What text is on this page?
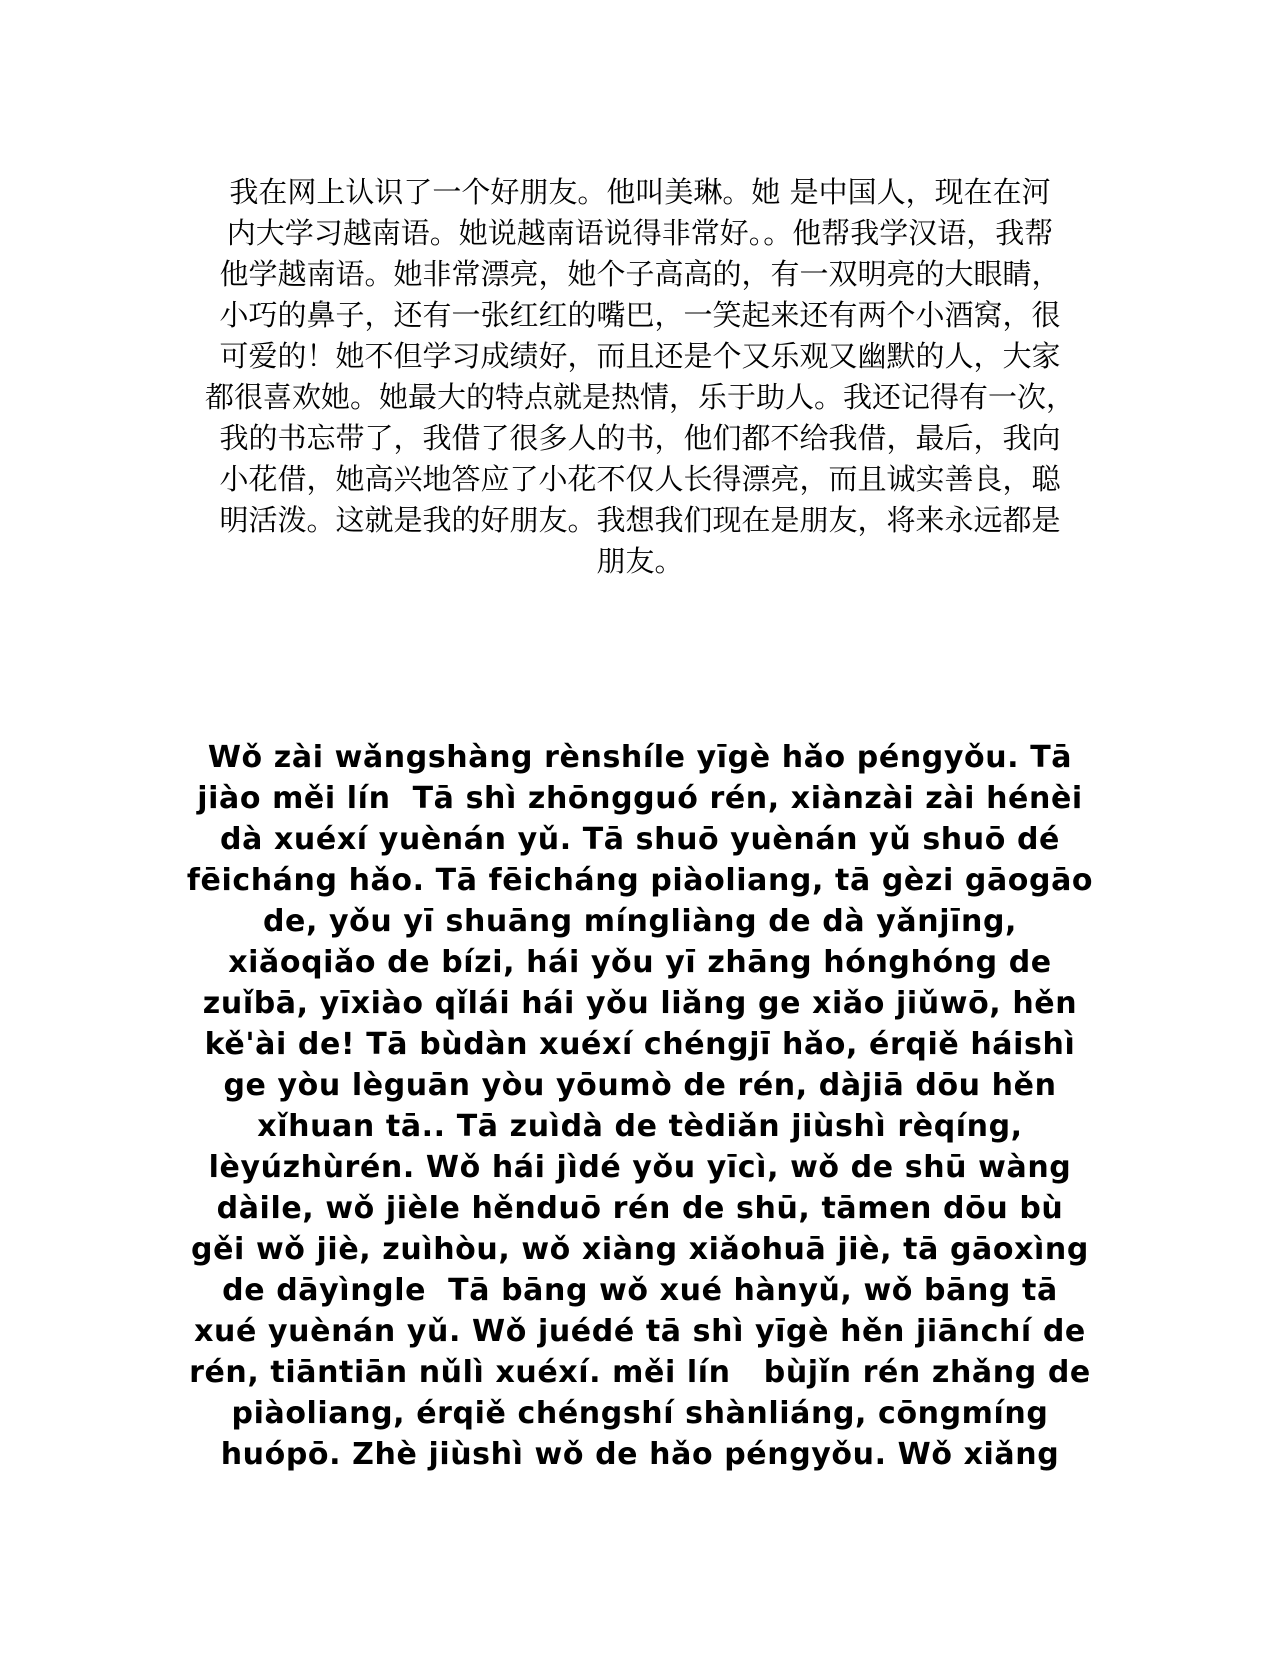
我在网上认识了一个好朋友。他叫美琳。她 是中国人，现在在河
内大学习越南语。她说越南语说得非常好。。他帮我学汉语，我帮
他学越南语。她非常漂亮，她个子高高的，有一双明亮的大眼睛，
小巧的鼻子，还有一张红红的嘴巴，一笑起来还有两个小酒窝，很
可爱的！她不但学习成绩好，而且还是个又乐观又幽默的人，大家
都很喜欢她。她最大的特点就是热情，乐于助人。我还记得有一次，
我的书忘带了，我借了很多人的书，他们都不给我借，最后，我向
小花借，她高兴地答应了小花不仅人长得漂亮，而且诚实善良，聪
明活泼。这就是我的好朋友。我想我们现在是朋友，将来永远都是
朋友。
Wǒ zài wǎngshàng rènshíle yīgè hǎo péngyǒu. Tā
jiào měi lín  Tā shì zhōngguó rén, xiànzài zài hénèi
dà xuéxí yuènán yǔ. Tā shuō yuènán yǔ shuō dé
fēicháng hǎo. Tā fēicháng piàoliang, tā gèzi gāogāo
de, yǒu yī shuāng míngliàng de dà yǎnjīng,
xiǎoqiǎo de bízi, hái yǒu yī zhāng hónghóng de
zuǐbā, yīxiào qǐlái hái yǒu liǎng ge xiǎo jiǔwō, hěn
kě'ài de! Tā bùdàn xuéxí chéngjī hǎo, érqiě háishì
ge yòu lèguān yòu yōumò de rén, dàjiā dōu hěn
xǐhuan tā.. Tā zuìdà de tèdiǎn jiùshì rèqíng,
lèyúzhùrén. Wǒ hái jìdé yǒu yīcì, wǒ de shū wàng
dàile, wǒ jièle hěnduō rén de shū, tāmen dōu bù
gěi wǒ jiè, zuìhòu, wǒ xiàng xiǎohuā jiè, tā gāoxìng
de dāyìngle  Tā bāng wǒ xué hànyǔ, wǒ bāng tā
xué yuènán yǔ. Wǒ juédé tā shì yīgè hěn jiānchí de
rén, tiāntiān nǔlì xuéxí. měi lín   bùjǐn rén zhǎng de
piàoliang, érqiě chéngshí shànliáng, cōngmíng
huópō. Zhè jiùshì wǒ de hǎo péngyǒu. Wǒ xiǎng
